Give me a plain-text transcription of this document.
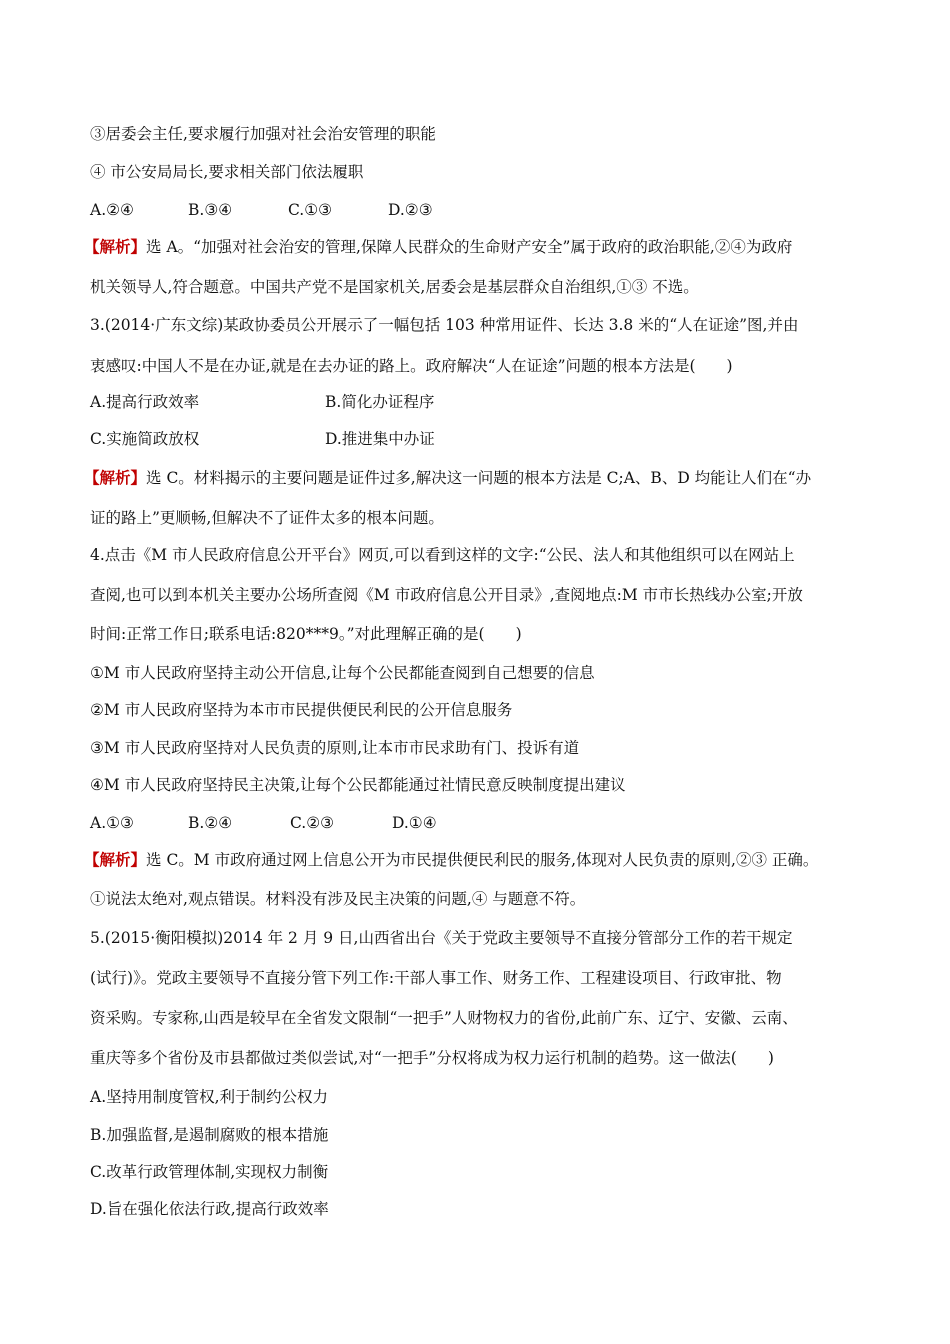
③居委会主任,要求履行加强对社会治安管理的职能
④ 市公安局局长,要求相关部门依法履职
A.②④	B.③④	C.①③	D.②③
【解析】选 A。“加强对社会治安的管理,保障人民群众的生命财产安全”属于政府的政治职能,②④为政府
机关领导人,符合题意。中国共产党不是国家机关,居委会是基层群众自治组织,①③ 不选。
3.(2014·广东文综)某政协委员公开展示了一幅包括 103 种常用证件、长达 3.8 米的“人在证途”图,并由
衷感叹:中国人不是在办证,就是在去办证的路上。政府解决“人在证途”问题的根本方法是(　　)
A.提高行政效率	B.简化办证程序
C.实施简政放权	D.推进集中办证
【解析】选 C。材料揭示的主要问题是证件过多,解决这一问题的根本方法是 C;A、B、D 均能让人们在“办
证的路上”更顺畅,但解决不了证件太多的根本问题。
4.点击《M 市人民政府信息公开平台》网页,可以看到这样的文字:“公民、法人和其他组织可以在网站上
查阅,也可以到本机关主要办公场所查阅《M 市政府信息公开目录》,查阅地点:M 市市长热线办公室;开放
时间:正常工作日;联系电话:820***9。”对此理解正确的是(　　)
①M 市人民政府坚持主动公开信息,让每个公民都能查阅到自己想要的信息
②M 市人民政府坚持为本市市民提供便民利民的公开信息服务
③M 市人民政府坚持对人民负责的原则,让本市市民求助有门、投诉有道
④M 市人民政府坚持民主决策,让每个公民都能通过社情民意反映制度提出建议
A.①③	B.②④	C.②③	D.①④
【解析】选 C。M 市政府通过网上信息公开为市民提供便民利民的服务,体现对人民负责的原则,②③ 正确。
①说法太绝对,观点错误。材料没有涉及民主决策的问题,④ 与题意不符。
5.(2015·衡阳模拟)2014 年 2 月 9 日,山西省出台《关于党政主要领导不直接分管部分工作的若干规定
(试行)》。党政主要领导不直接分管下列工作:干部人事工作、财务工作、工程建设项目、行政审批、物
资采购。专家称,山西是较早在全省发文限制“一把手”人财物权力的省份,此前广东、辽宁、安徽、云南、
重庆等多个省份及市县都做过类似尝试,对“一把手”分权将成为权力运行机制的趋势。这一做法(　　)
A.坚持用制度管权,利于制约公权力
B.加强监督,是遏制腐败的根本措施
C.改革行政管理体制,实现权力制衡
D.旨在强化依法行政,提高行政效率
